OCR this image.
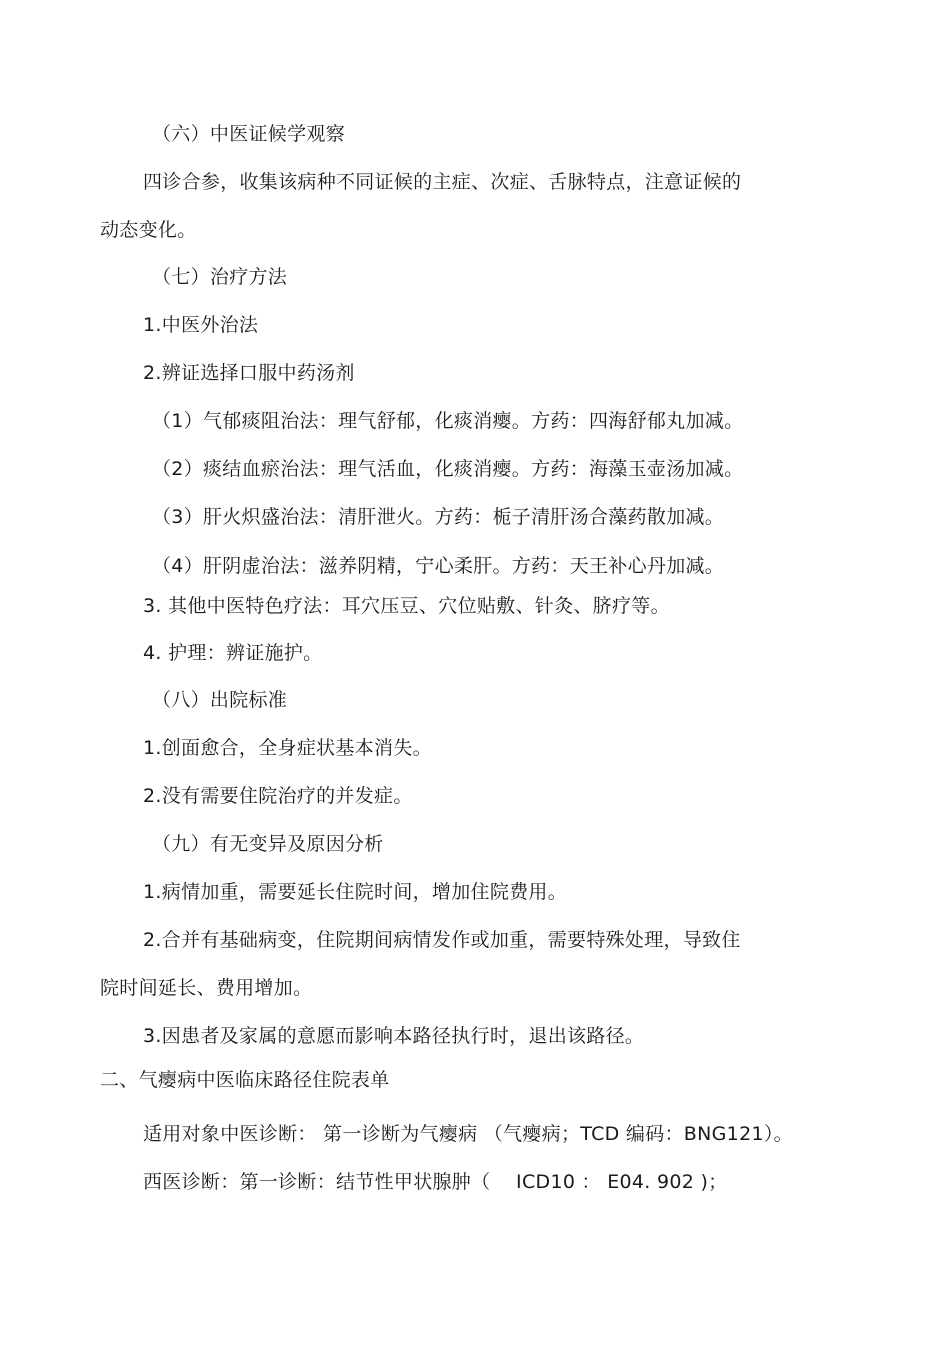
（六）中医证候学观察
四诊合参，收集该病种不同证候的主症、次症、舌脉特点，注意证候的
动态变化。
（七）治疗方法
1.中医外治法
2.辨证选择口服中药汤剂
（1）气郁痰阻治法：理气舒郁，化痰消瘿。方药：四海舒郁丸加减。
（2）痰结血瘀治法：理气活血，化痰消瘿。方药：海藻玉壶汤加减。
（3）肝火炽盛治法：清肝泄火。方药：栀子清肝汤合藻药散加减。
（4）肝阴虚治法：滋养阴精，宁心柔肝。方药：天王补心丹加减。
3. 其他中医特色疗法：耳穴压豆、穴位贴敷、针灸、脐疗等。
4. 护理：辨证施护。
（八）出院标准
1.创面愈合，全身症状基本消失。
2.没有需要住院治疗的并发症。
（九）有无变异及原因分析
1.病情加重，需要延长住院时间，增加住院费用。
2.合并有基础病变，住院期间病情发作或加重，需要特殊处理，导致住
院时间延长、费用增加。
3.因患者及家属的意愿而影响本路径执行时，退出该路径。
二、气瘿病中医临床路径住院表单
适用对象中医诊断： 第一诊断为气瘿病 （气瘿病；TCD 编码：BNG121）。
西医诊断：第一诊断：结节性甲状腺肿（　 ICD10 ： E04. 902 )；
